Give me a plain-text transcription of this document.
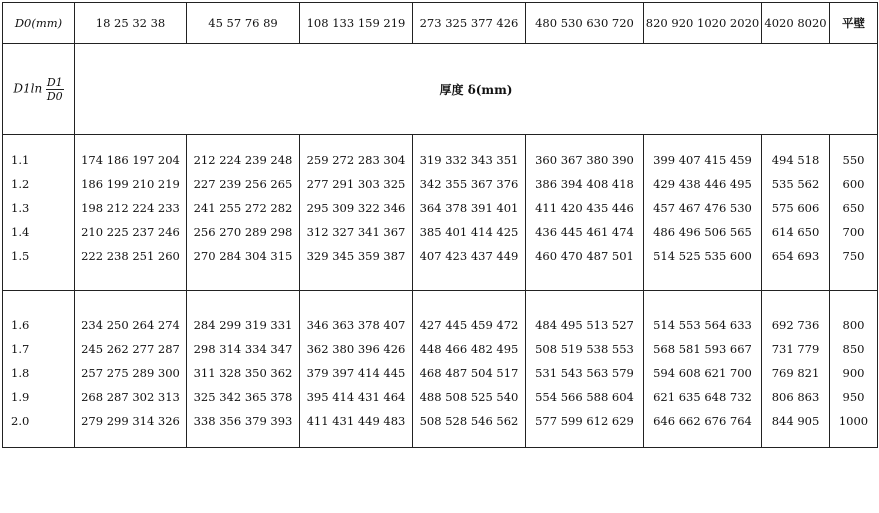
D0(mm)	18 25 32 38	45 57 76 89	108 133 159 219	273 325 377 426	480 530 630 720	820 920 1020 2020	4020 8020	平壁
$D1\ln \frac{D1}{D0}$	厚度 δ(mm)							

1.1	174 186 197 204	212 224 239 248	259 272 283 304	319 332 343 351	360 367 380 390	399 407 415 459	494 518	550
1.2	186 199 210 219	227 239 256 265	277 291 303 325	342 355 367 376	386 394 408 418	429 438 446 495	535 562	600
1.3	198 212 224 233	241 255 272 282	295 309 322 346	364 378 391 401	411 420 435 446	457 467 476 530	575 606	650
1.4	210 225 237 246	256 270 289 298	312 327 341 367	385 401 414 425	436 445 461 474	486 496 506 565	614 650	700
1.5	222 238 251 260	270 284 304 315	329 345 359 387	407 423 437 449	460 470 487 501	514 525 535 600	654 693	750

1.6	234 250 264 274	284 299 319 331	346 363 378 407	427 445 459 472	484 495 513 527	514 553 564 633	692 736	800
1.7	245 262 277 287	298 314 334 347	362 380 396 426	448 466 482 495	508 519 538 553	568 581 593 667	731 779	850
1.8	257 275 289 300	311 328 350 362	379 397 414 445	468 487 504 517	531 543 563 579	594 608 621 700	769 821	900
1.9	268 287 302 313	325 342 365 378	395 414 431 464	488 508 525 540	554 566 588 604	621 635 648 732	806 863	950
2.0	279 299 314 326	338 356 379 393	411 431 449 483	508 528 546 562	577 599 612 629	646 662 676 764	844 905	1000
